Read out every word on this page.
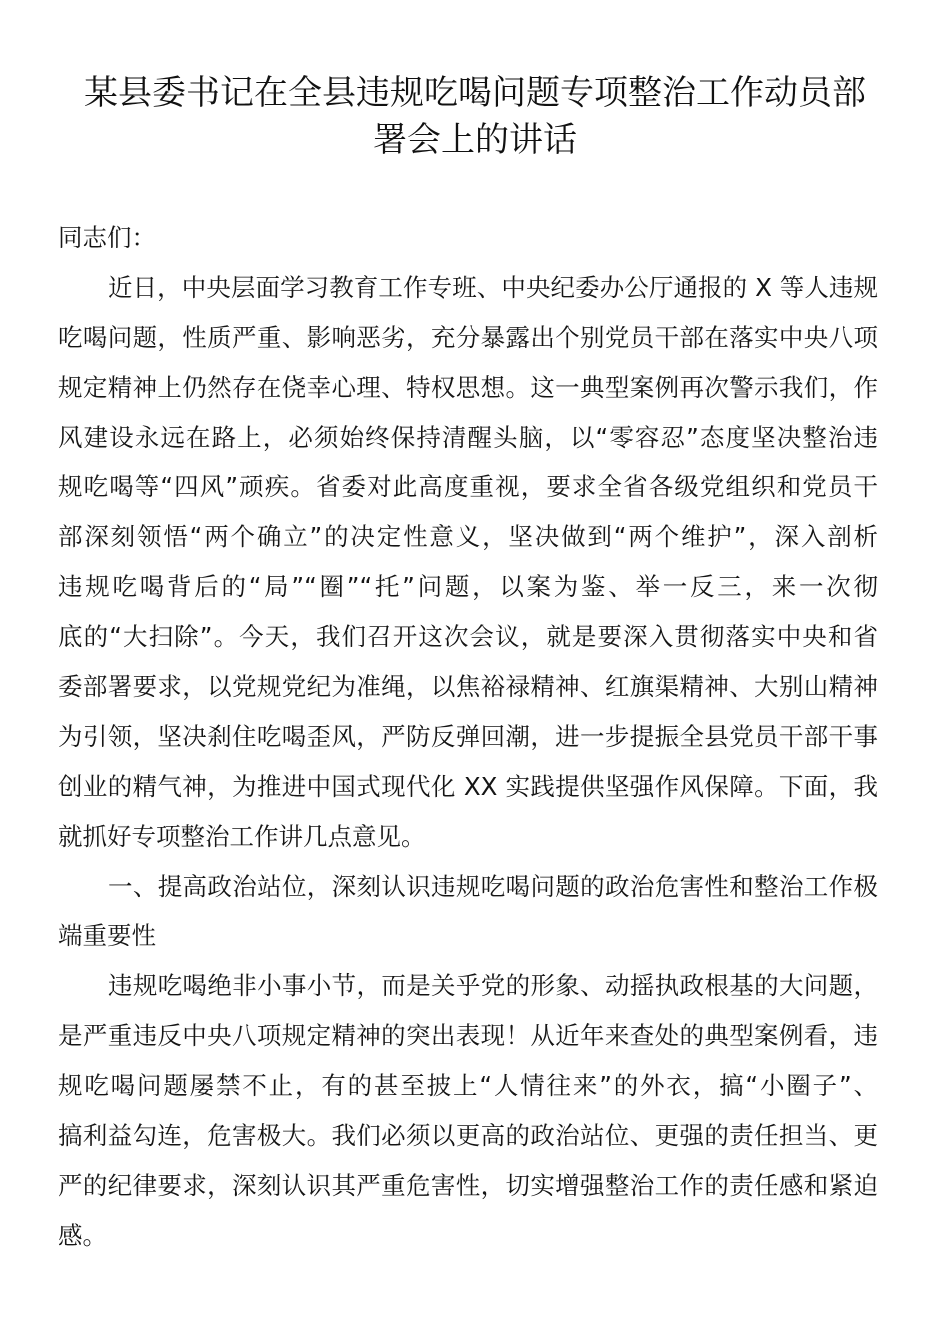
某县委书记在全县违规吃喝问题专项整治工作动员部
署会上的讲话
同志们：
近日，中央层面学习教育工作专班、中央纪委办公厅通报的 X 等人违规
吃喝问题，性质严重、影响恶劣，充分暴露出个别党员干部在落实中央八项
规定精神上仍然存在侥幸心理、特权思想。这一典型案例再次警示我们，作
风建设永远在路上，必须始终保持清醒头脑，以“零容忍”态度坚决整治违
规吃喝等“四风”顽疾。省委对此高度重视，要求全省各级党组织和党员干
部深刻领悟“两个确立”的决定性意义，坚决做到“两个维护”，深入剖析
违规吃喝背后的“局”“圈”“托”问题，以案为鉴、举一反三，来一次彻
底的“大扫除”。今天，我们召开这次会议，就是要深入贯彻落实中央和省
委部署要求，以党规党纪为准绳，以焦裕禄精神、红旗渠精神、大别山精神
为引领，坚决刹住吃喝歪风，严防反弹回潮，进一步提振全县党员干部干事
创业的精气神，为推进中国式现代化 XX 实践提供坚强作风保障。下面，我
就抓好专项整治工作讲几点意见。
一、提高政治站位，深刻认识违规吃喝问题的政治危害性和整治工作极
端重要性
违规吃喝绝非小事小节，而是关乎党的形象、动摇执政根基的大问题，
是严重违反中央八项规定精神的突出表现！从近年来查处的典型案例看，违
规吃喝问题屡禁不止，有的甚至披上“人情往来”的外衣，搞“小圈子”、
搞利益勾连，危害极大。我们必须以更高的政治站位、更强的责任担当、更
严的纪律要求，深刻认识其严重危害性，切实增强整治工作的责任感和紧迫
感。
